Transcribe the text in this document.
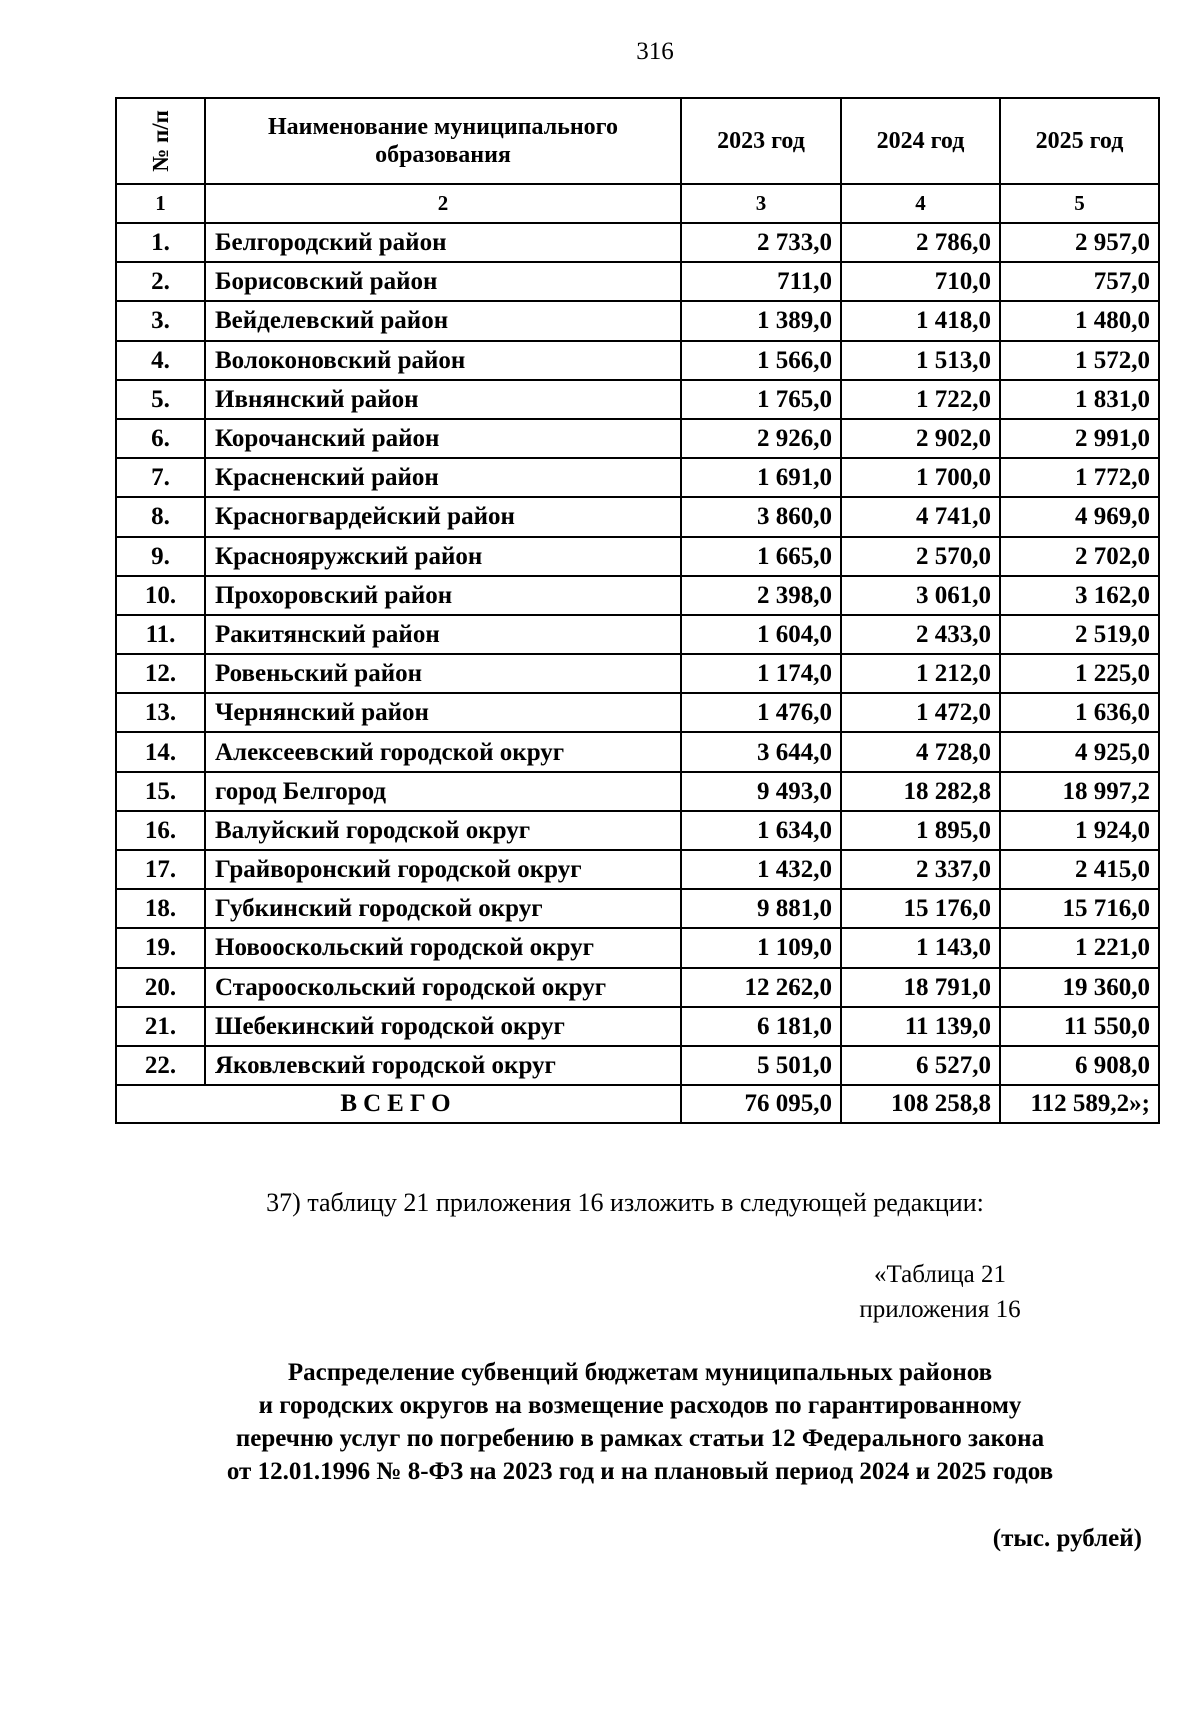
316
№ п/п	Наименование муниципального образования	2023 год	2024 год	2025 год
1	2	3	4	5
1.	Белгородский район	2 733,0	2 786,0	2 957,0
2.	Борисовский район	711,0	710,0	757,0
3.	Вейделевский район	1 389,0	1 418,0	1 480,0
4.	Волоконовский район	1 566,0	1 513,0	1 572,0
5.	Ивнянский район	1 765,0	1 722,0	1 831,0
6.	Корочанский район	2 926,0	2 902,0	2 991,0
7.	Красненский район	1 691,0	1 700,0	1 772,0
8.	Красногвардейский район	3 860,0	4 741,0	4 969,0
9.	Краснояружский район	1 665,0	2 570,0	2 702,0
10.	Прохоровский район	2 398,0	3 061,0	3 162,0
11.	Ракитянский район	1 604,0	2 433,0	2 519,0
12.	Ровеньский район	1 174,0	1 212,0	1 225,0
13.	Чернянский район	1 476,0	1 472,0	1 636,0
14.	Алексеевский городской округ	3 644,0	4 728,0	4 925,0
15.	город Белгород	9 493,0	18 282,8	18 997,2
16.	Валуйский городской округ	1 634,0	1 895,0	1 924,0
17.	Грайворонский городской округ	1 432,0	2 337,0	2 415,0
18.	Губкинский городской округ	9 881,0	15 176,0	15 716,0
19.	Новооскольский городской округ	1 109,0	1 143,0	1 221,0
20.	Старооскольский городской округ	12 262,0	18 791,0	19 360,0
21.	Шебекинский городской округ	6 181,0	11 139,0	11 550,0
22.	Яковлевский городской округ	5 501,0	6 527,0	6 908,0
ВСЕГО		76 095,0	108 258,8	112 589,2»;
37) таблицу 21 приложения 16 изложить в следующей редакции:
«Таблица 21
приложения 16
Распределение субвенций бюджетам муниципальных районов
и городских округов на возмещение расходов по гарантированному
перечню услуг по погребению в рамках статьи 12 Федерального закона
от 12.01.1996 № 8-ФЗ на 2023 год и на плановый период 2024 и 2025 годов
(тыс. рублей)
